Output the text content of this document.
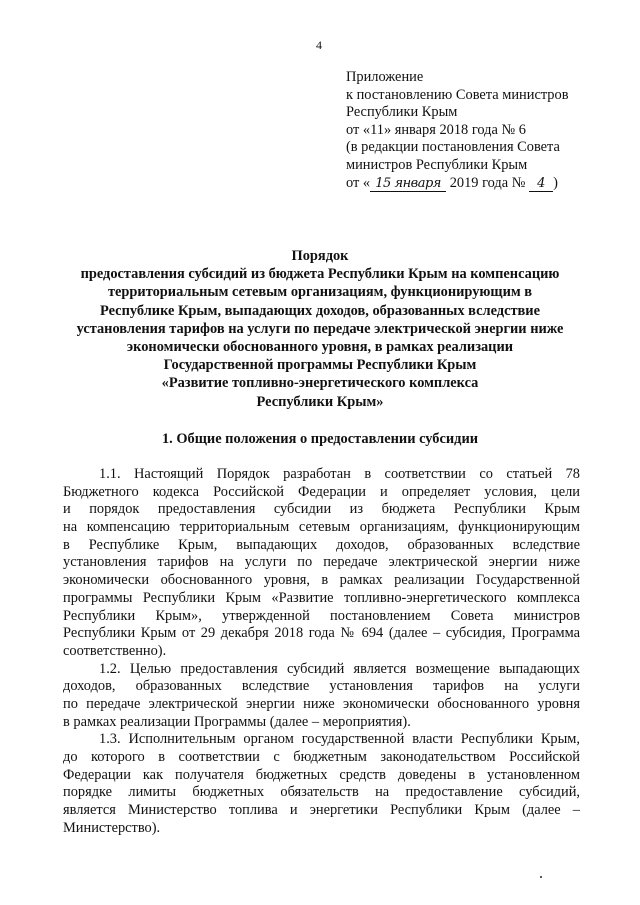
4
Приложение
к постановлению Совета министров
Республики Крым
от «11» января 2018 года № 6
(в редакции постановления Совета
министров Республики Крым
от « 15 января 2019 года № 4 )
Порядок
предоставления субсидий из бюджета Республики Крым на компенсацию
территориальным сетевым организациям, функционирующим в
Республике Крым, выпадающих доходов, образованных вследствие
установления тарифов на услуги по передаче электрической энергии ниже
экономически обоснованного уровня, в рамках реализации
Государственной программы Республики Крым
«Развитие топливно-энергетического комплекса
Республики Крым»
1. Общие положения о предоставлении субсидии
1.1. Настоящий Порядок разработан в соответствии со статьей 78
Бюджетного кодекса Российской Федерации и определяет условия, цели
и порядок предоставления субсидии из бюджета Республики Крым
на компенсацию территориальным сетевым организациям, функционирующим
в Республике Крым, выпадающих доходов, образованных вследствие
установления тарифов на услуги по передаче электрической энергии ниже
экономически обоснованного уровня, в рамках реализации Государственной
программы Республики Крым «Развитие топливно-энергетического комплекса
Республики Крым», утвержденной постановлением Совета министров
Республики Крым от 29 декабря 2018 года № 694 (далее – субсидия, Программа
соответственно).
1.2. Целью предоставления субсидий является возмещение выпадающих
доходов, образованных вследствие установления тарифов на услуги
по передаче электрической энергии ниже экономически обоснованного уровня
в рамках реализации Программы (далее – мероприятия).
1.3. Исполнительным органом государственной власти Республики Крым,
до которого в соответствии с бюджетным законодательством Российской
Федерации как получателя бюджетных средств доведены в установленном
порядке лимиты бюджетных обязательств на предоставление субсидий,
является Министерство топлива и энергетики Республики Крым (далее –
Министерство).
